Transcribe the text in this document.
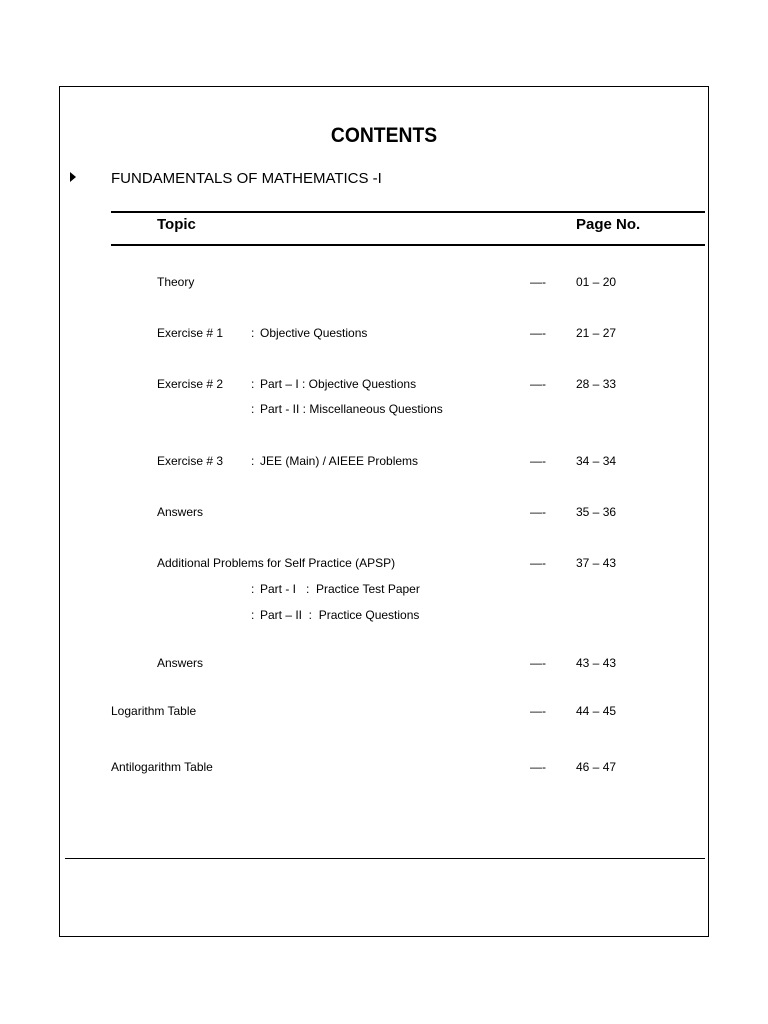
CONTENTS
FUNDAMENTALS OF MATHEMATICS -I
Topic	Page No.
Theory	—-	01 – 20
Exercise # 1 : Objective Questions	—-	21 – 27
Exercise # 2 : Part – I : Objective Questions	—-	28 – 33
: Part - II : Miscellaneous Questions
Exercise # 3 : JEE (Main) / AIEEE Problems	—-	34 – 34
Answers	—-	35 – 36
Additional Problems for Self Practice (APSP)	—-	37 – 43
: Part - I   :  Practice Test Paper
: Part – II  :  Practice Questions
Answers	—-	43 – 43
Logarithm Table	—-	44 – 45
Antilogarithm Table	—-	46 – 47
